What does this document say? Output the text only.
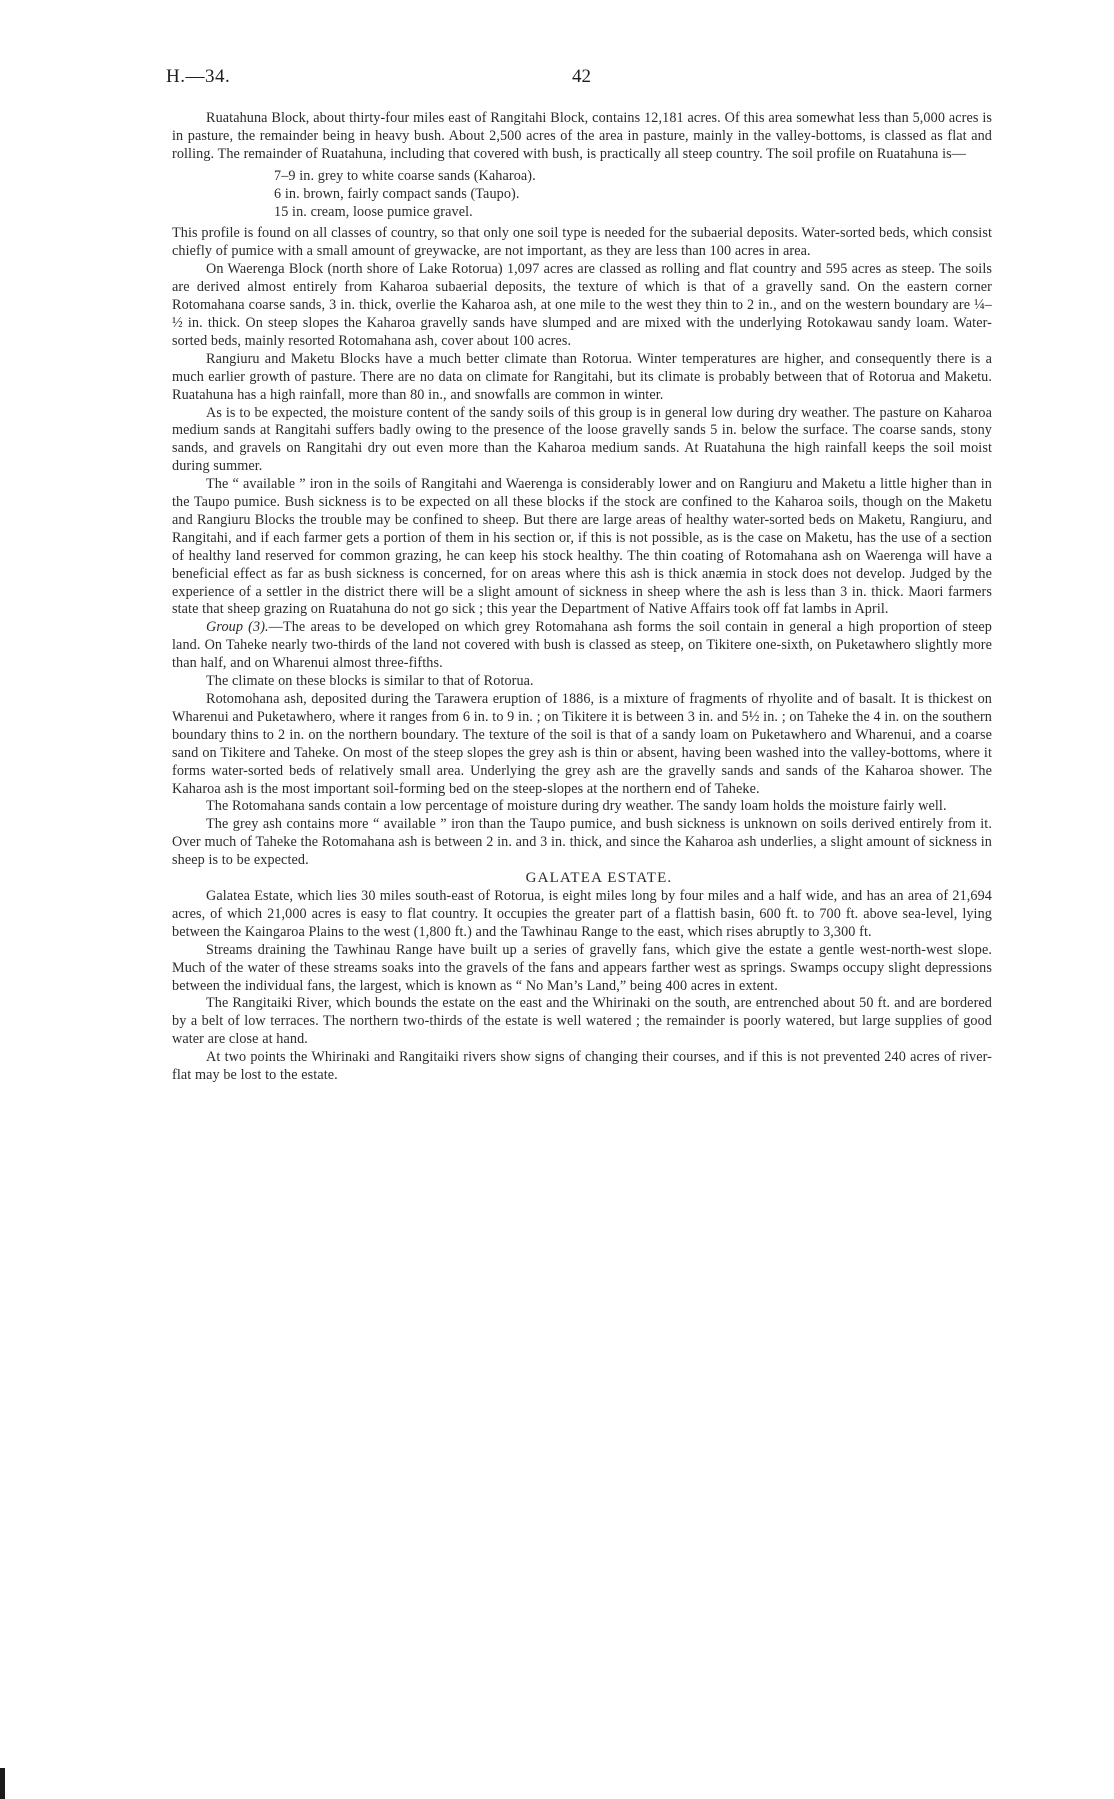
H.—34.	42

Ruatahuna Block, about thirty-four miles east of Rangitahi Block, contains 12,181 acres. Of this area somewhat less than 5,000 acres is in pasture, the remainder being in heavy bush. About 2,500 acres of the area in pasture, mainly in the valley-bottoms, is classed as flat and rolling. The remainder of Ruatahuna, including that covered with bush, is practically all steep country. The soil profile on Ruatahuna is—

7–9 in. grey to white coarse sands (Kaharoa).
6 in. brown, fairly compact sands (Taupo).
15 in. cream, loose pumice gravel.

This profile is found on all classes of country, so that only one soil type is needed for the subaerial deposits. Water-sorted beds, which consist chiefly of pumice with a small amount of greywacke, are not important, as they are less than 100 acres in area.

On Waerenga Block (north shore of Lake Rotorua) 1,097 acres are classed as rolling and flat country and 595 acres as steep. The soils are derived almost entirely from Kaharoa subaerial deposits, the texture of which is that of a gravelly sand. On the eastern corner Rotomahana coarse sands, 3 in. thick, overlie the Kaharoa ash, at one mile to the west they thin to 2 in., and on the western boundary are ¼–½ in. thick. On steep slopes the Kaharoa gravelly sands have slumped and are mixed with the underlying Rotokawau sandy loam. Water-sorted beds, mainly resorted Rotomahana ash, cover about 100 acres.

Rangiuru and Maketu Blocks have a much better climate than Rotorua. Winter temperatures are higher, and consequently there is a much earlier growth of pasture. There are no data on climate for Rangitahi, but its climate is probably between that of Rotorua and Maketu. Ruatahuna has a high rainfall, more than 80 in., and snowfalls are common in winter.

As is to be expected, the moisture content of the sandy soils of this group is in general low during dry weather. The pasture on Kaharoa medium sands at Rangitahi suffers badly owing to the presence of the loose gravelly sands 5 in. below the surface. The coarse sands, stony sands, and gravels on Rangitahi dry out even more than the Kaharoa medium sands. At Ruatahuna the high rainfall keeps the soil moist during summer.

The “ available ” iron in the soils of Rangitahi and Waerenga is considerably lower and on Rangiuru and Maketu a little higher than in the Taupo pumice. Bush sickness is to be expected on all these blocks if the stock are confined to the Kaharoa soils, though on the Maketu and Rangiuru Blocks the trouble may be confined to sheep. But there are large areas of healthy water-sorted beds on Maketu, Rangiuru, and Rangitahi, and if each farmer gets a portion of them in his section or, if this is not possible, as is the case on Maketu, has the use of a section of healthy land reserved for common grazing, he can keep his stock healthy. The thin coating of Rotomahana ash on Waerenga will have a beneficial effect as far as bush sickness is concerned, for on areas where this ash is thick anæmia in stock does not develop. Judged by the experience of a settler in the district there will be a slight amount of sickness in sheep where the ash is less than 3 in. thick. Maori farmers state that sheep grazing on Ruatahuna do not go sick ; this year the Department of Native Affairs took off fat lambs in April.

Group (3).—The areas to be developed on which grey Rotomahana ash forms the soil contain in general a high proportion of steep land. On Taheke nearly two-thirds of the land not covered with bush is classed as steep, on Tikitere one-sixth, on Puketawhero slightly more than half, and on Wharenui almost three-fifths.

The climate on these blocks is similar to that of Rotorua.

Rotomohana ash, deposited during the Tarawera eruption of 1886, is a mixture of fragments of rhyolite and of basalt. It is thickest on Wharenui and Puketawhero, where it ranges from 6 in. to 9 in. ; on Tikitere it is between 3 in. and 5½ in. ; on Taheke the 4 in. on the southern boundary thins to 2 in. on the northern boundary. The texture of the soil is that of a sandy loam on Puketawhero and Wharenui, and a coarse sand on Tikitere and Taheke. On most of the steep slopes the grey ash is thin or absent, having been washed into the valley-bottoms, where it forms water-sorted beds of relatively small area. Underlying the grey ash are the gravelly sands and sands of the Kaharoa shower. The Kaharoa ash is the most important soil-forming bed on the steep-slopes at the northern end of Taheke.

The Rotomahana sands contain a low percentage of moisture during dry weather. The sandy loam holds the moisture fairly well.

The grey ash contains more “ available ” iron than the Taupo pumice, and bush sickness is unknown on soils derived entirely from it. Over much of Taheke the Rotomahana ash is between 2 in. and 3 in. thick, and since the Kaharoa ash underlies, a slight amount of sickness in sheep is to be expected.

GALATEA ESTATE.

Galatea Estate, which lies 30 miles south-east of Rotorua, is eight miles long by four miles and a half wide, and has an area of 21,694 acres, of which 21,000 acres is easy to flat country. It occupies the greater part of a flattish basin, 600 ft. to 700 ft. above sea-level, lying between the Kaingaroa Plains to the west (1,800 ft.) and the Tawhinau Range to the east, which rises abruptly to 3,300 ft.

Streams draining the Tawhinau Range have built up a series of gravelly fans, which give the estate a gentle west-north-west slope. Much of the water of these streams soaks into the gravels of the fans and appears farther west as springs. Swamps occupy slight depressions between the individual fans, the largest, which is known as “ No Man’s Land,” being 400 acres in extent.

The Rangitaiki River, which bounds the estate on the east and the Whirinaki on the south, are entrenched about 50 ft. and are bordered by a belt of low terraces. The northern two-thirds of the estate is well watered ; the remainder is poorly watered, but large supplies of good water are close at hand.

At two points the Whirinaki and Rangitaiki rivers show signs of changing their courses, and if this is not prevented 240 acres of river-flat may be lost to the estate.
